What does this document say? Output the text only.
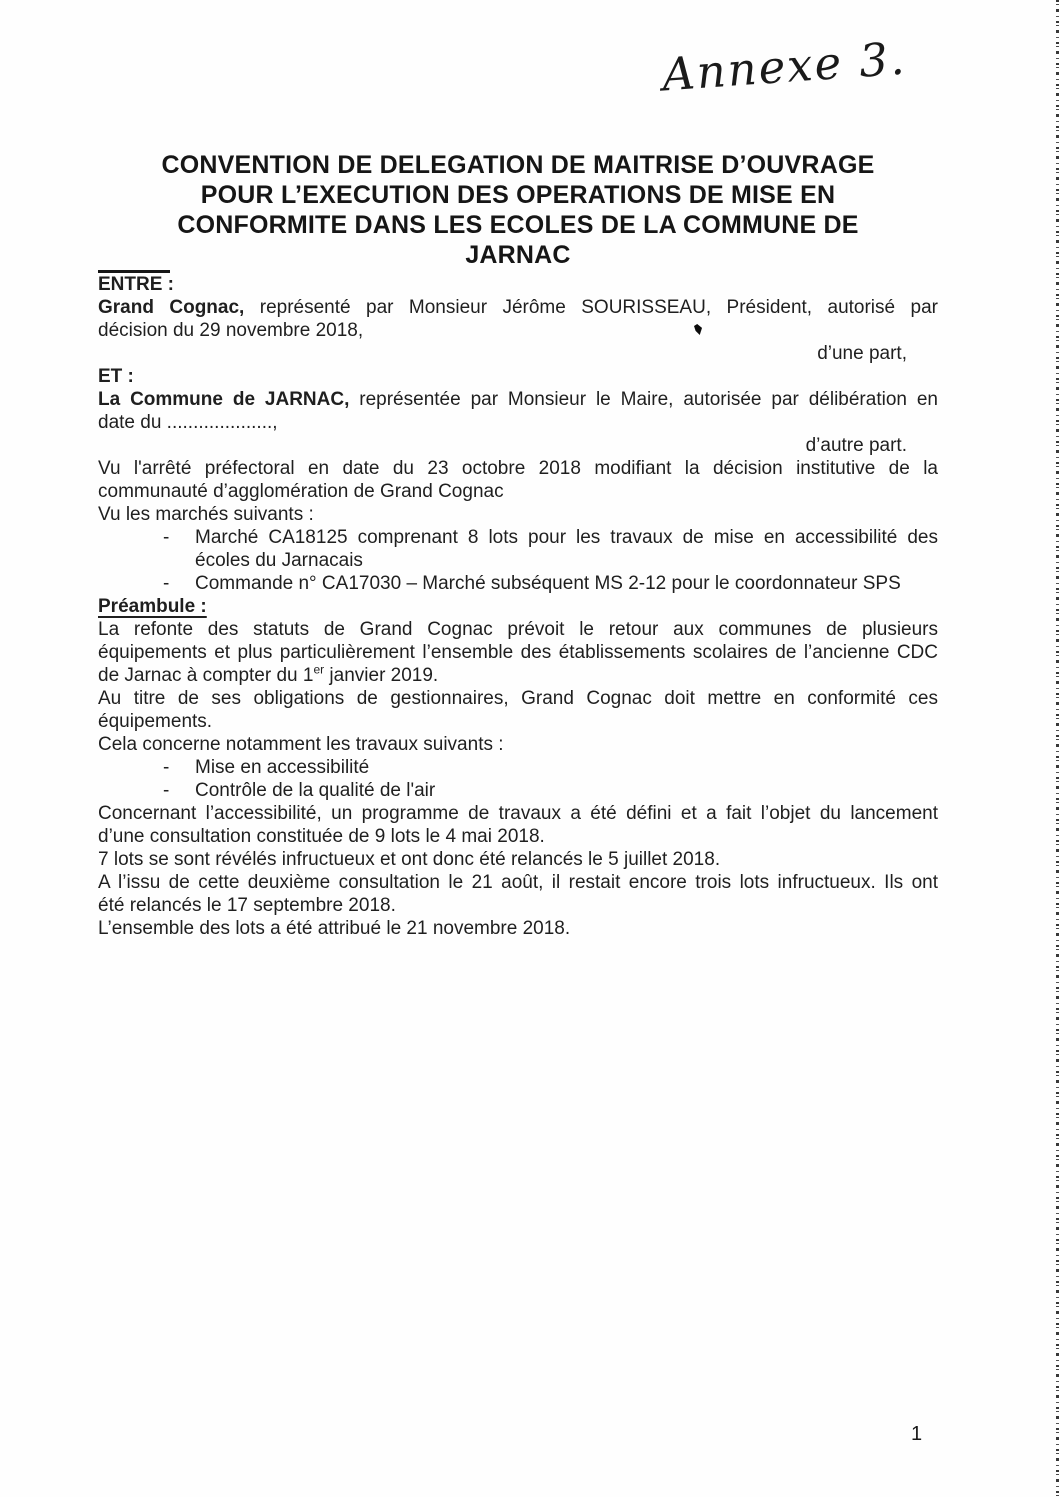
Annexe 3.
CONVENTION DE DELEGATION DE MAITRISE D’OUVRAGE
POUR L’EXECUTION DES OPERATIONS DE MISE EN
CONFORMITE DANS LES ECOLES DE LA COMMUNE DE
JARNAC
ENTRE :
Grand Cognac, représenté par Monsieur Jérôme SOURISSEAU, Président, autorisé par
décision du 29 novembre 2018,
d’une part,
ET :
La Commune de JARNAC, représentée par Monsieur le Maire, autorisée par délibération en
date du ....................,
d’autre part.
Vu l'arrêté préfectoral en date du 23 octobre 2018 modifiant la décision institutive de la
communauté d’agglomération de Grand Cognac
Vu les marchés suivants :
-	Marché CA18125 comprenant 8 lots pour les travaux de mise en accessibilité des
écoles du Jarnacais
-	Commande n° CA17030 – Marché subséquent MS 2-12 pour le coordonnateur SPS
Préambule :
La refonte des statuts de Grand Cognac prévoit le retour aux communes de plusieurs
équipements et plus particulièrement l’ensemble des établissements scolaires de l’ancienne CDC
de Jarnac à compter du 1er janvier 2019.
Au titre de ses obligations de gestionnaires, Grand Cognac doit mettre en conformité ces
équipements.
Cela concerne notamment les travaux suivants :
-	Mise en accessibilité
-	Contrôle de la qualité de l'air
Concernant l’accessibilité, un programme de travaux a été défini et a fait l’objet du lancement
d’une consultation constituée de 9 lots le 4 mai 2018.
7 lots se sont révélés infructueux et ont donc été relancés le 5 juillet 2018.
A l’issu de cette deuxième consultation le 21 août, il restait encore trois lots infructueux. Ils ont
été relancés le 17 septembre 2018.
L’ensemble des lots a été attribué le 21 novembre 2018.
1
